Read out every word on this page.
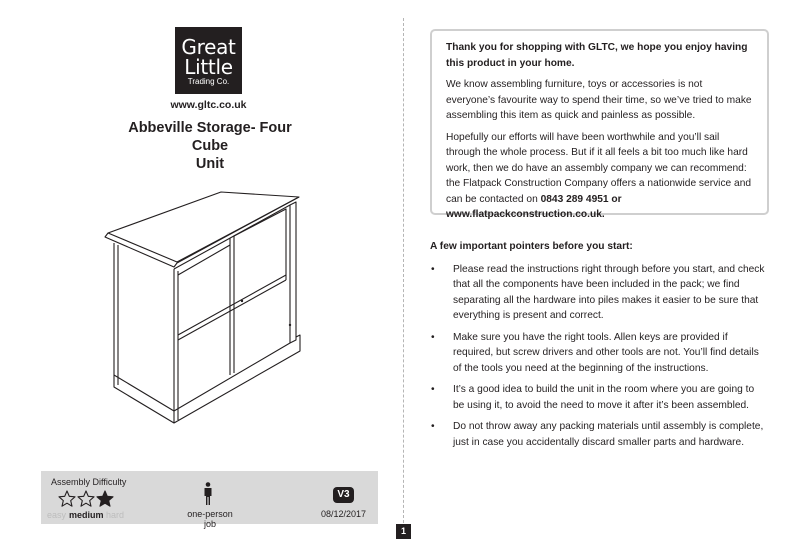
Great
Little
Trading Co.
www.gltc.co.uk
Abbeville Storage- Four Cube
Unit
1
Assembly Difficulty
easy medium hard	one-person job
V3
08/12/2017

Thank you for shopping with GLTC, we hope you enjoy having this product in your home.

We know assembling furniture, toys or accessories is not everyone’s favourite way to spend their time, so we’ve tried to make assembling this item as quick and painless as possible.

Hopefully our efforts will have been worthwhile and you’ll sail through the whole process. But if it all feels a bit too much like hard work, then we do have an assembly company we can recommend: the Flatpack Construction Company offers a nationwide service and can be contacted on 0843 289 4951 or www.flatpackconstruction.co.uk.

A few important pointers before you start:
• Please read the instructions right through before you start, and check that all the components have been included in the pack; we find separating all the hardware into piles makes it easier to be sure that everything is present and correct.
• Make sure you have the right tools. Allen keys are provided if required, but screw drivers and other tools are not. You’ll find details of the tools you need at the beginning of the instructions.
• It’s a good idea to build the unit in the room where you are going to be using it, to avoid the need to move it after it’s been assembled.
• Do not throw away any packing materials until assembly is complete, just in case you accidentally discard smaller parts and hardware.
